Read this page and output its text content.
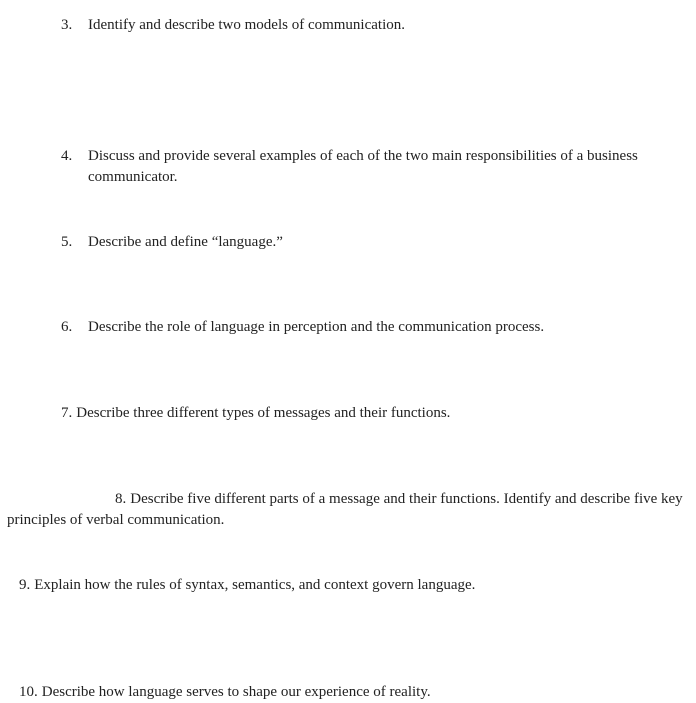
3. Identify and describe two models of communication.
4. Discuss and provide several examples of each of the two main responsibilities of a business communicator.
5. Describe and define “language.”
6. Describe the role of language in perception and the communication process.
7. Describe three different types of messages and their functions.
8. Describe five different parts of a message and their functions. Identify and describe five key principles of verbal communication.
9. Explain how the rules of syntax, semantics, and context govern language.
10. Describe how language serves to shape our experience of reality.
